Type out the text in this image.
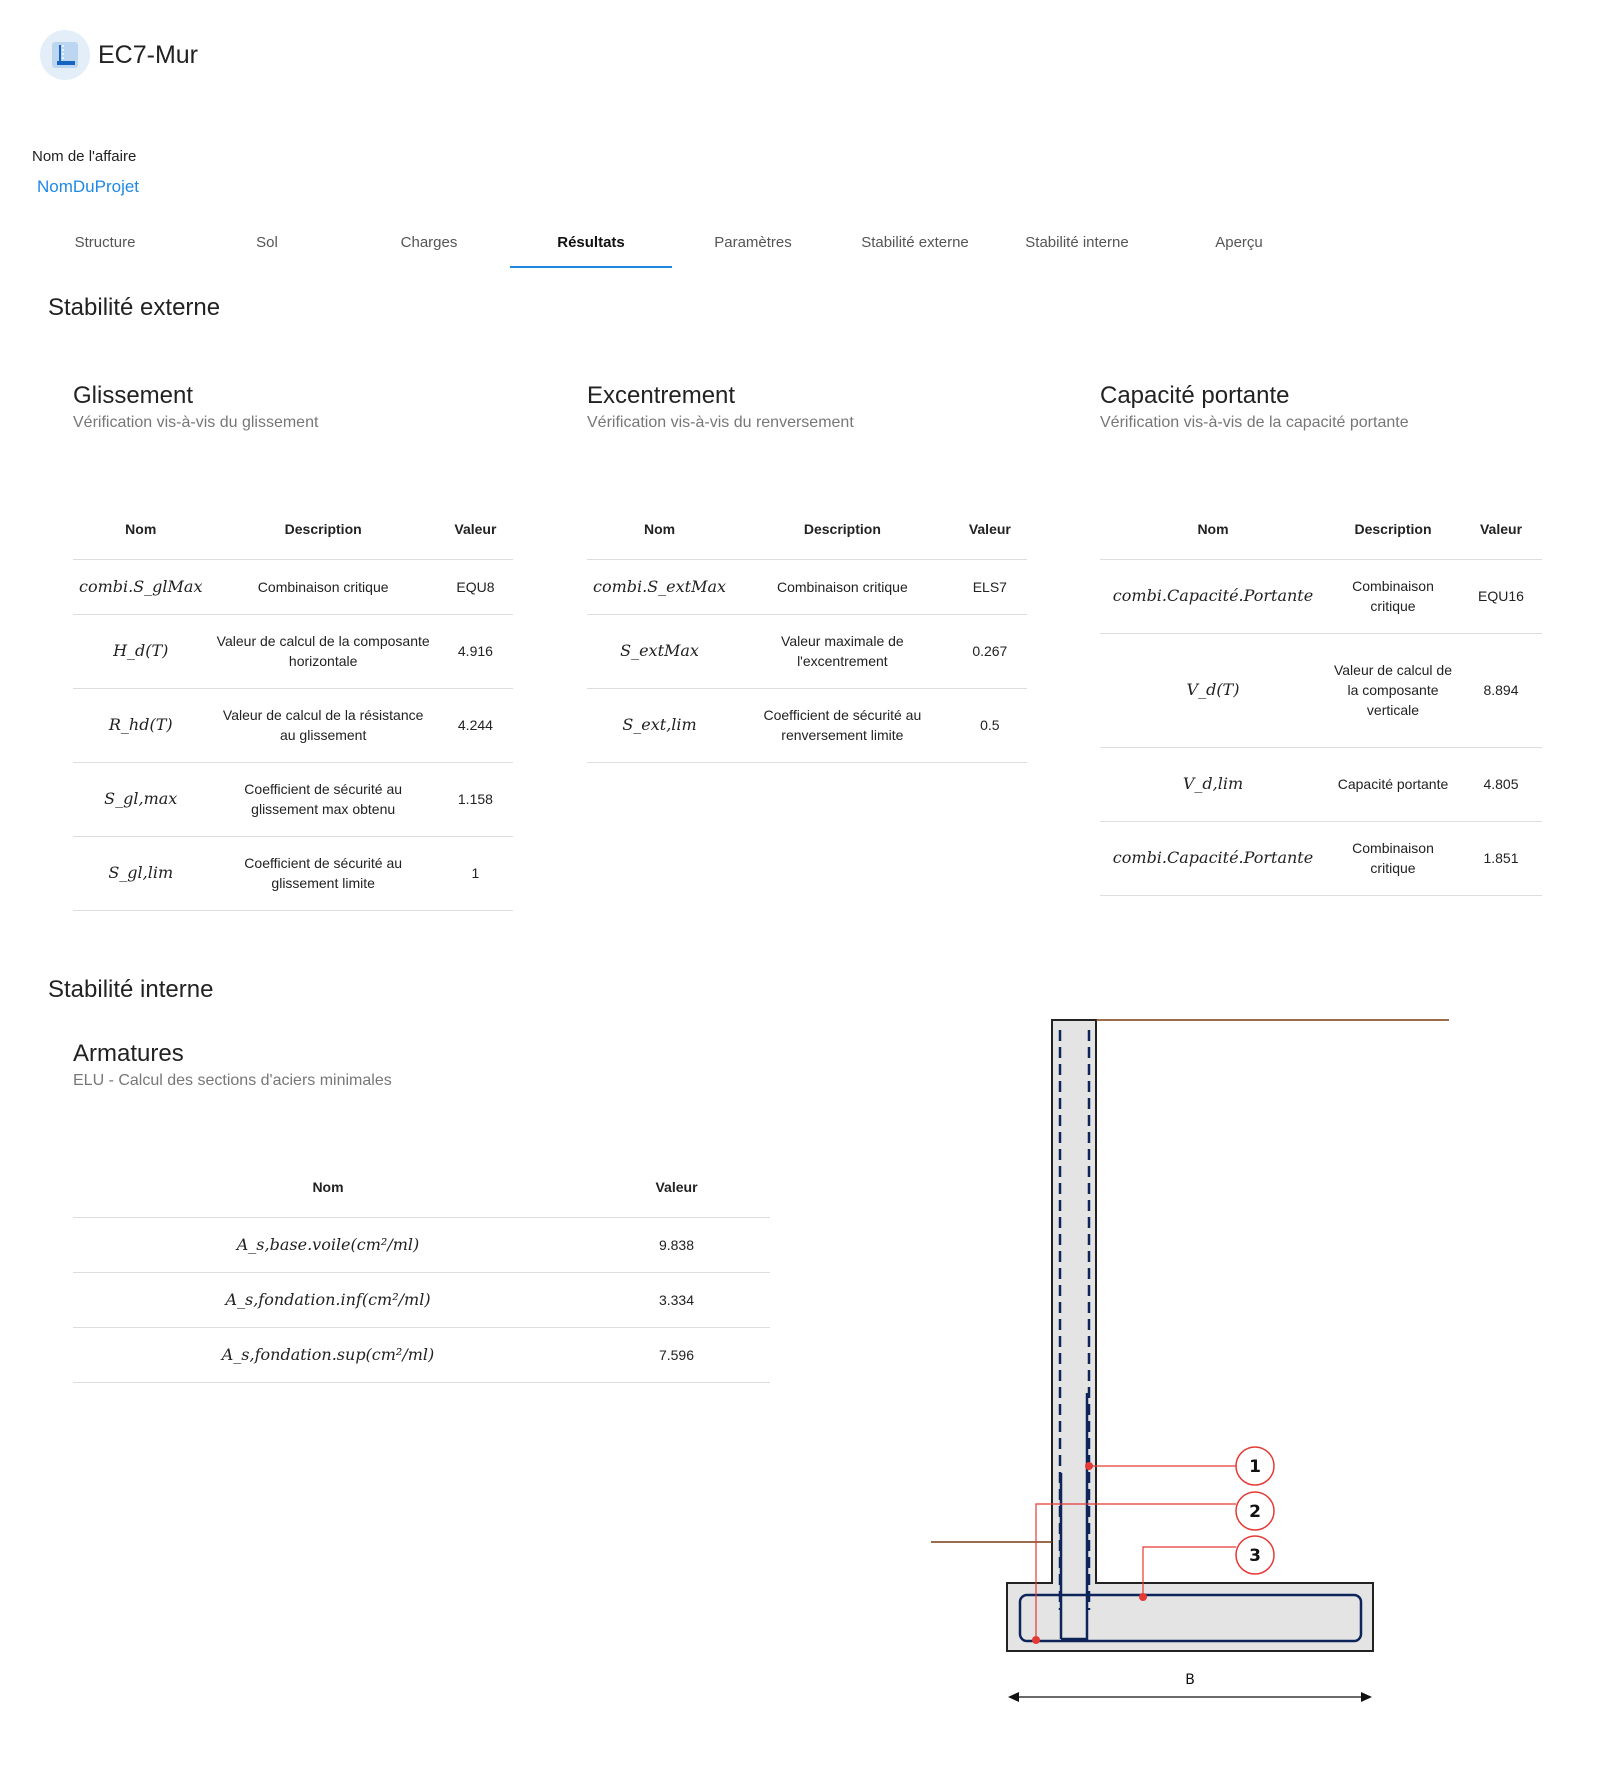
EC7-Mur
Nom de l'affaire
NomDuProjet
Structure	Sol	Charges	Résultats	Paramètres	Stabilité externe	Stabilité interne	Aperçu
Stabilité externe
Glissement
Vérification vis-à-vis du glissement
Nom	Description	Valeur
combi.S_glMax	Combinaison critique	EQU8
H_d(T)	Valeur de calcul de la composante horizontale	4.916
R_hd(T)	Valeur de calcul de la résistance au glissement	4.244
S_gl,max	Coefficient de sécurité au glissement max obtenu	1.158
S_gl,lim	Coefficient de sécurité au glissement limite	1
Excentrement
Vérification vis-à-vis du renversement
Nom	Description	Valeur
combi.S_extMax	Combinaison critique	ELS7
S_extMax	Valeur maximale de l'excentrement	0.267
S_ext,lim	Coefficient de sécurité au renversement limite	0.5
Capacité portante
Vérification vis-à-vis de la capacité portante
Nom	Description	Valeur
combi.Capacité.Portante	Combinaison critique	EQU16
V_d(T)	Valeur de calcul de la composante verticale	8.894
V_d,lim	Capacité portante	4.805
combi.Capacité.Portante	Combinaison critique	1.851
Stabilité interne
Armatures
ELU - Calcul des sections d'aciers minimales
Nom	Valeur
A_s,base.voile(cm²/ml)	9.838
A_s,fondation.inf(cm²/ml)	3.334
A_s,fondation.sup(cm²/ml)	7.596
1
2
3
B
